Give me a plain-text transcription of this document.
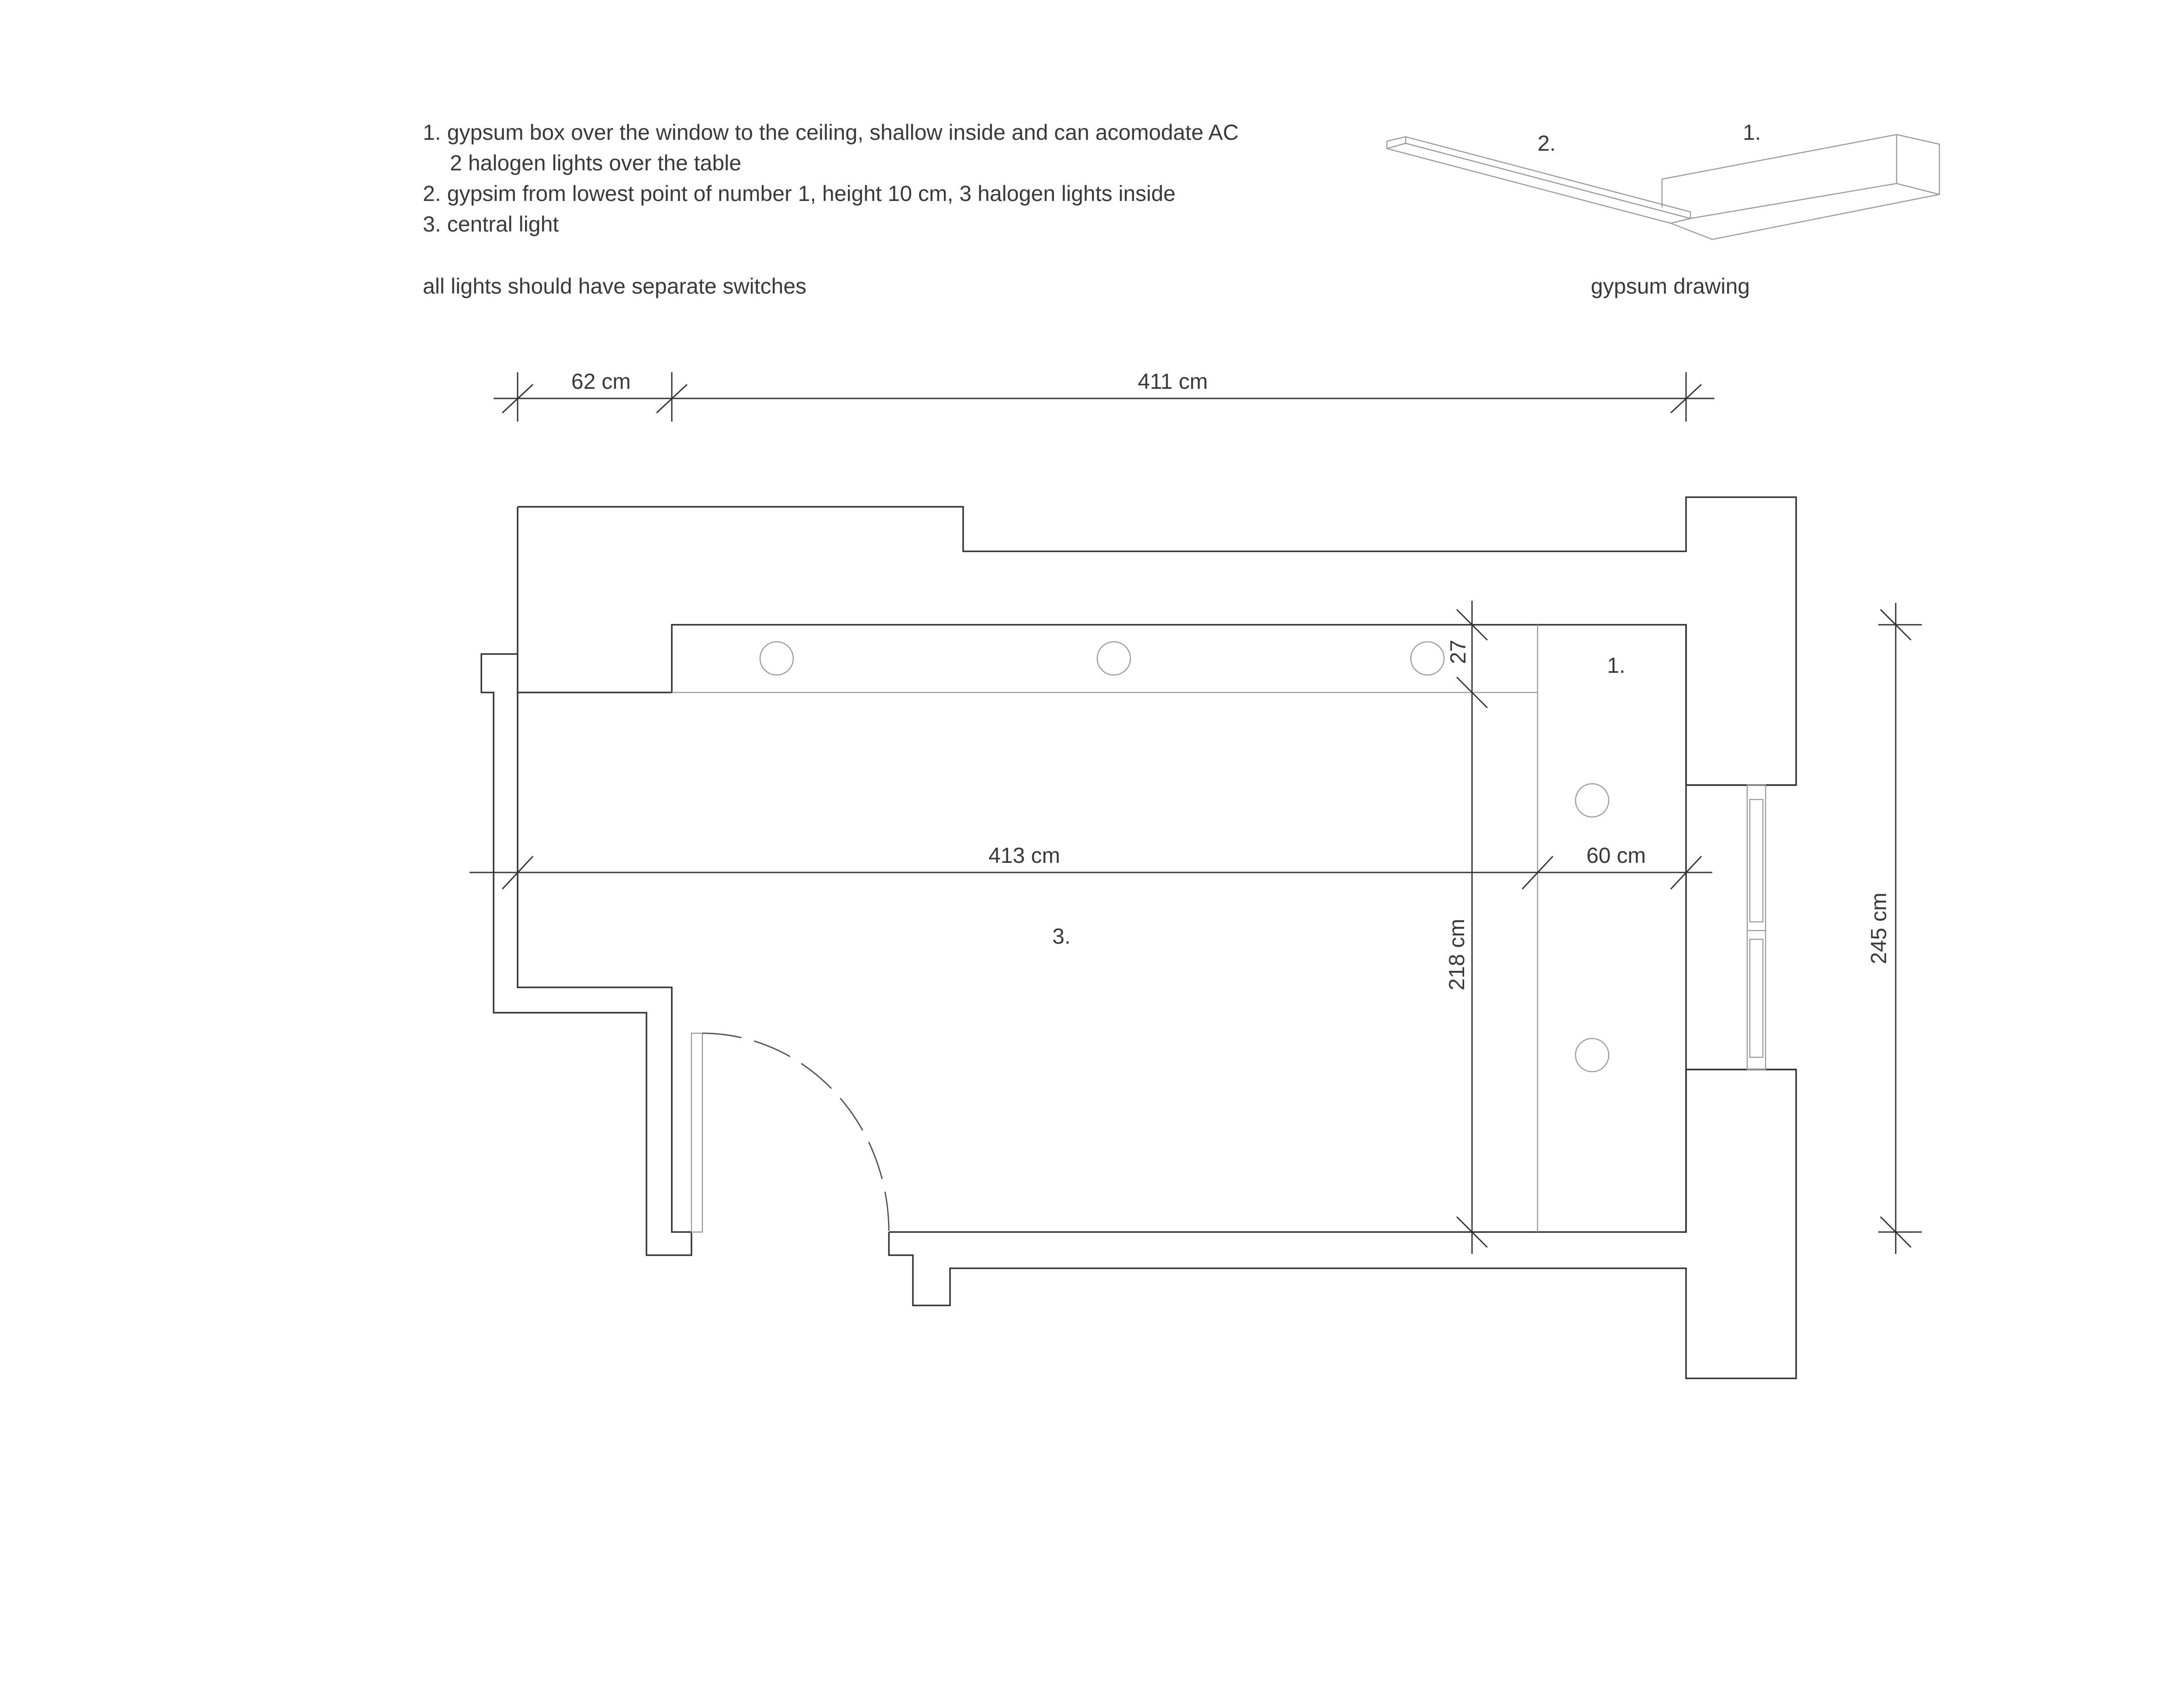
1. gypsum box over the window to the ceiling, shallow inside and can acomodate AC
2 halogen lights over the table
2. gypsim from lowest point of number 1, height 10 cm, 3 halogen lights inside
3. central light
all lights should have separate switches
2.	1.
gypsum drawing
62 cm	411 cm
413 cm	60 cm
27
218 cm	245 cm
1.
3.
